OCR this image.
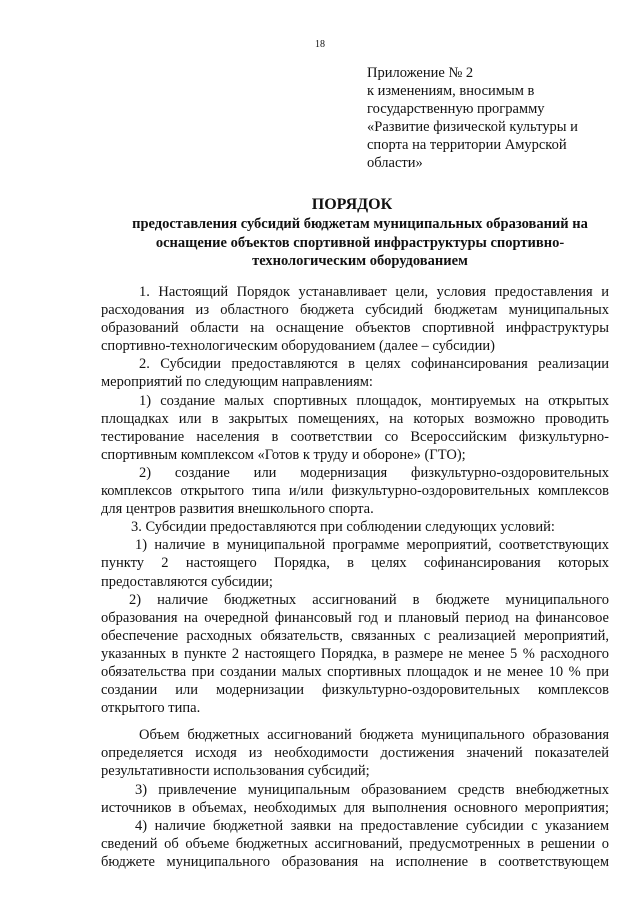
18
Приложение № 2
к изменениям, вносимым в
государственную программу
«Развитие физической культуры и
спорта на территории Амурской
области»
ПОРЯДОК
предоставления субсидий бюджетам муниципальных образований на
оснащение объектов спортивной инфраструктуры спортивно-
технологическим оборудованием
1. Настоящий Порядок устанавливает цели, условия предоставления и
расходования из областного бюджета субсидий бюджетам муниципальных
образований области на оснащение объектов спортивной инфраструктуры
спортивно-технологическим оборудованием (далее – субсидии)
2. Субсидии предоставляются в целях софинансирования реализации
мероприятий по следующим направлениям:
1) создание малых спортивных площадок, монтируемых на открытых
площадках или в закрытых помещениях, на которых возможно проводить
тестирование населения в соответствии со Всероссийским физкультурно-
спортивным комплексом «Готов к труду и обороне» (ГТО);
2) создание или модернизация физкультурно-оздоровительных
комплексов открытого типа и/или физкультурно-оздоровительных комплексов
для центров развития внешкольного спорта.
3. Субсидии предоставляются при соблюдении следующих условий:
1) наличие в муниципальной программе мероприятий, соответствующих
пункту 2 настоящего Порядка, в целях софинансирования которых
предоставляются субсидии;
2) наличие бюджетных ассигнований в бюджете муниципального
образования на очередной финансовый год и плановый период на финансовое
обеспечение расходных обязательств, связанных с реализацией мероприятий,
указанных в пункте 2 настоящего Порядка, в размере не менее 5 % расходного
обязательства при создании малых спортивных площадок и не менее 10 % при
создании или модернизации физкультурно-оздоровительных комплексов
открытого типа.
Объем бюджетных ассигнований бюджета муниципального образования
определяется исходя из необходимости достижения значений показателей
результативности использования субсидий;
3) привлечение муниципальным образованием средств внебюджетных
источников в объемах, необходимых для выполнения основного мероприятия;
4) наличие бюджетной заявки на предоставление субсидии с указанием
сведений об объеме бюджетных ассигнований, предусмотренных в решении о
бюджете муниципального образования на исполнение в соответствующем
